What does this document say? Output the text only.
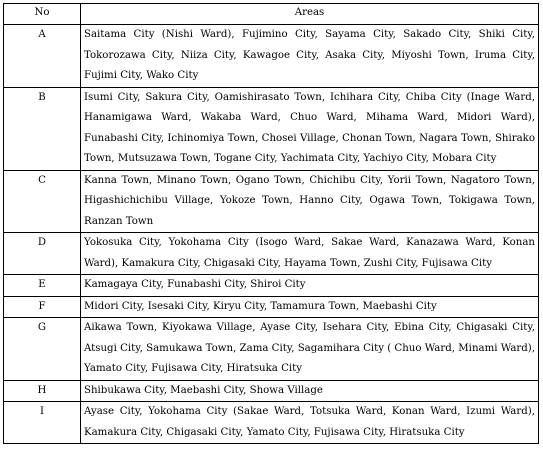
No	Areas
A	Saitama City (Nishi Ward), Fujimino City, Sayama City, Sakado City, Shiki City, Tokorozawa City, Niiza City, Kawagoe City, Asaka City, Miyoshi Town, Iruma City, Fujimi City, Wako City
B	Isumi City, Sakura City, Oamishirasato Town, Ichihara City, Chiba City (Inage Ward, Hanamigawa Ward, Wakaba Ward, Chuo Ward, Mihama Ward, Midori Ward), Funabashi City, Ichinomiya Town, Chosei Village, Chonan Town, Nagara Town, Shirako Town, Mutsuzawa Town, Togane City, Yachimata City, Yachiyo City, Mobara City
C	Kanna Town, Minano Town, Ogano Town, Chichibu City, Yorii Town, Nagatoro Town, Higashichichibu Village, Yokoze Town, Hanno City, Ogawa Town, Tokigawa Town, Ranzan Town
D	Yokosuka City, Yokohama City (Isogo Ward, Sakae Ward, Kanazawa Ward, Konan Ward), Kamakura City, Chigasaki City, Hayama Town, Zushi City, Fujisawa City
E	Kamagaya City, Funabashi City, Shiroi City
F	Midori City, Isesaki City, Kiryu City, Tamamura Town, Maebashi City
G	Aikawa Town, Kiyokawa Village, Ayase City, Isehara City, Ebina City, Chigasaki City, Atsugi City, Samukawa Town, Zama City, Sagamihara City ( Chuo Ward, Minami Ward), Yamato City, Fujisawa City, Hiratsuka City
H	Shibukawa City, Maebashi City, Showa Village
I	Ayase City, Yokohama City (Sakae Ward, Totsuka Ward, Konan Ward, Izumi Ward), Kamakura City, Chigasaki City, Yamato City, Fujisawa City, Hiratsuka City
